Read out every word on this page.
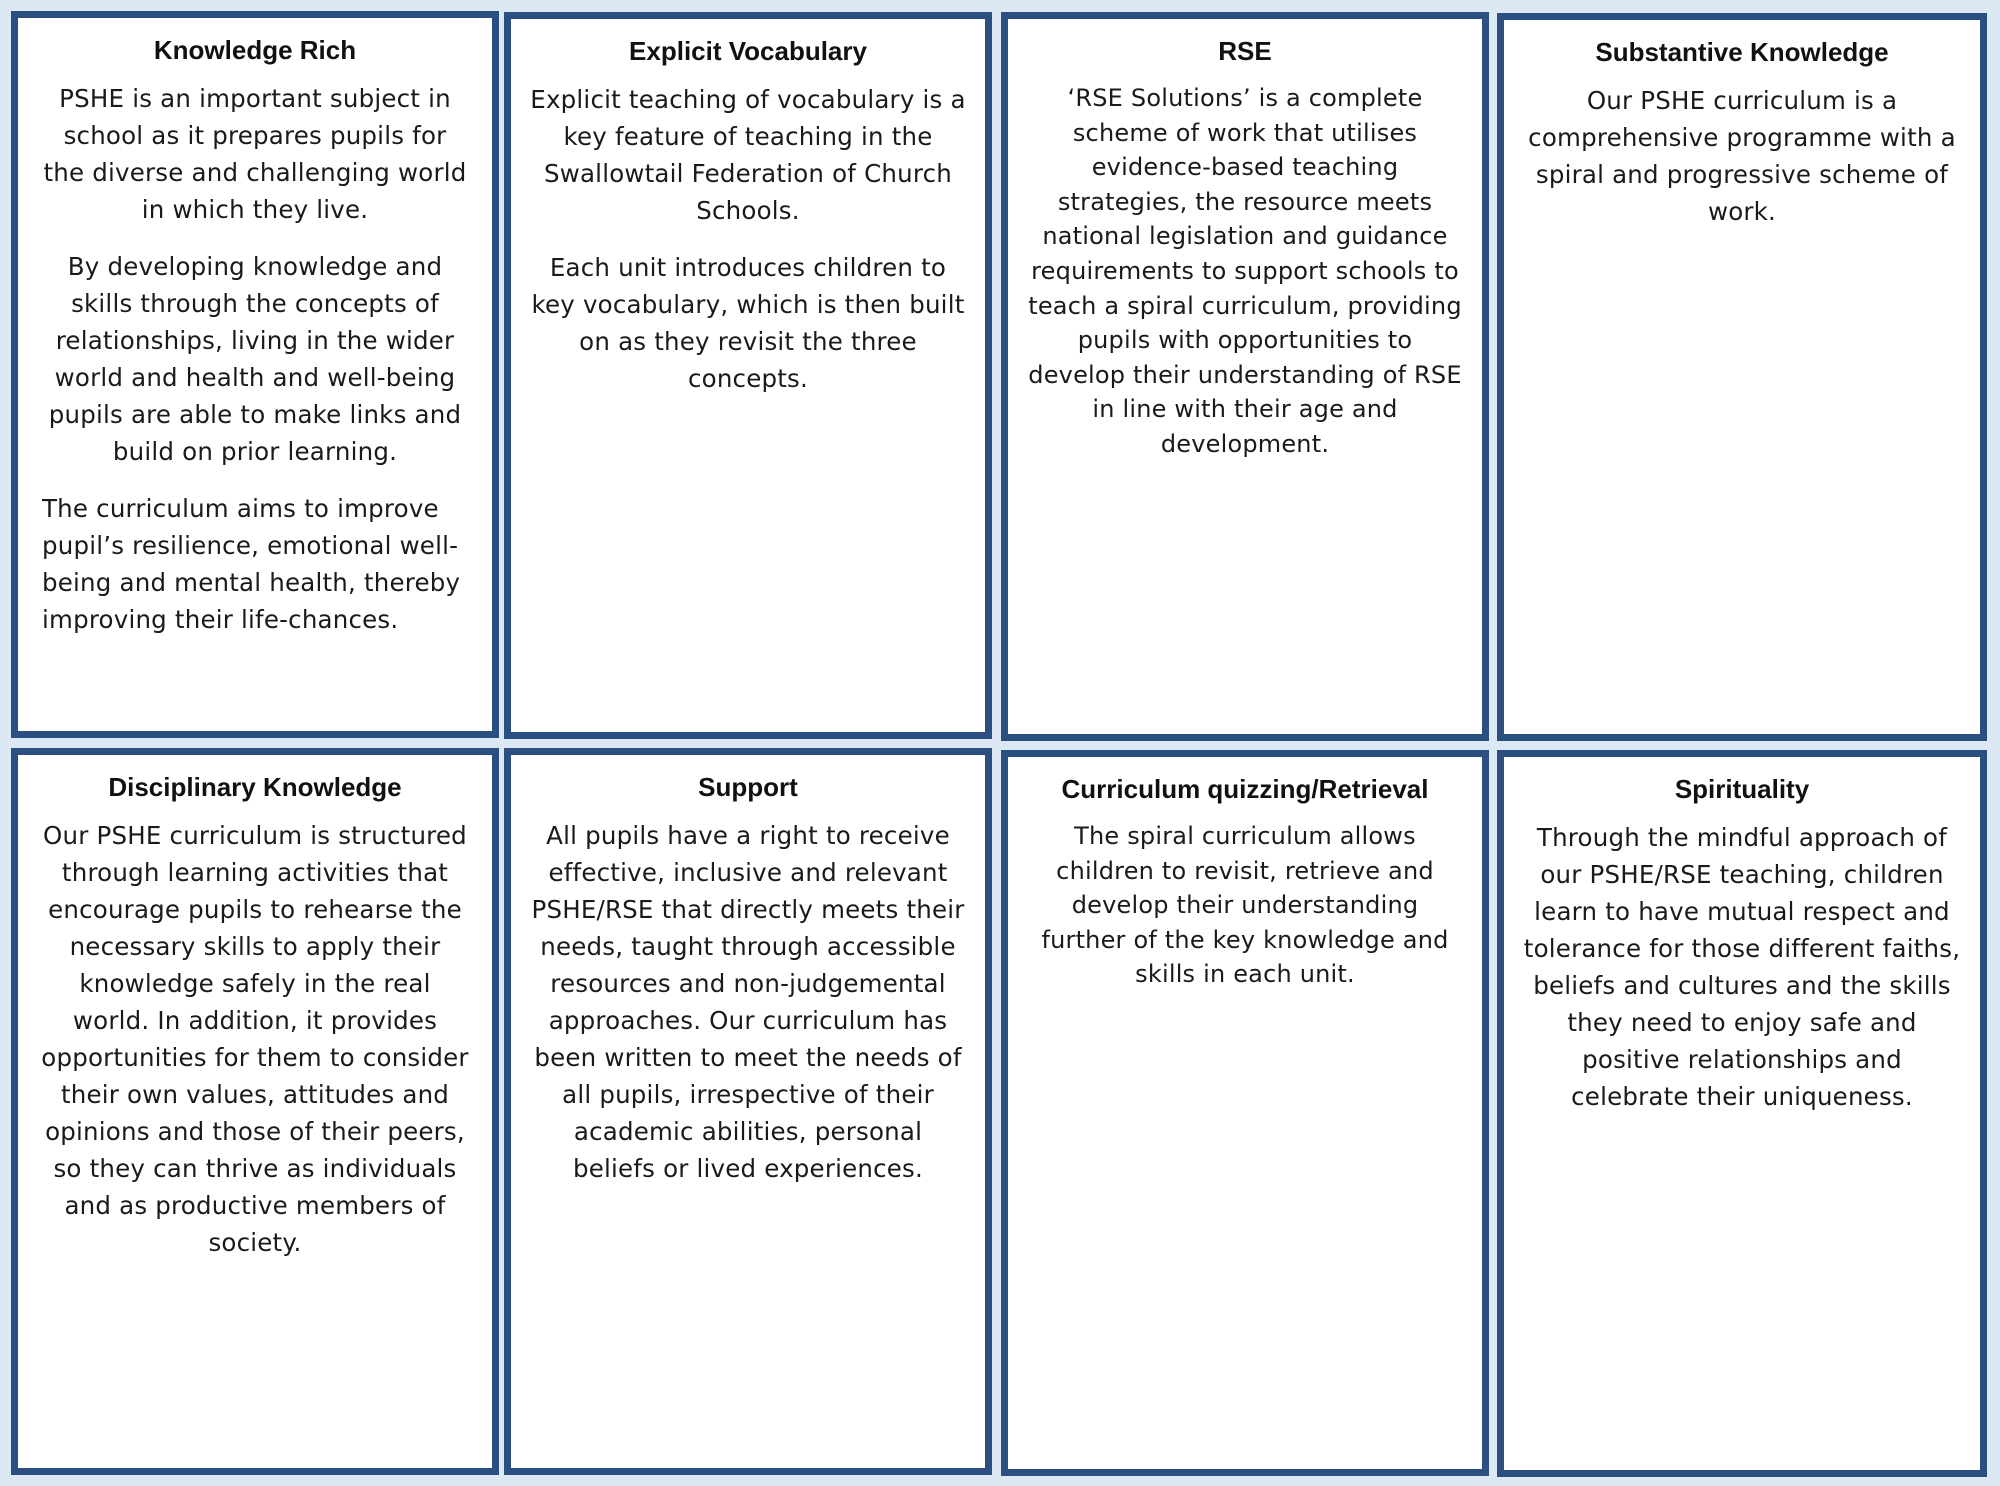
Knowledge Rich

PSHE is an important subject in school as it prepares pupils for the diverse and challenging world in which they live.

By developing knowledge and skills through the concepts of relationships, living in the wider world and health and well-being pupils are able to make links and build on prior learning.

The curriculum aims to improve pupil’s resilience, emotional well-being and mental health, thereby improving their life-chances.

Explicit Vocabulary

Explicit teaching of vocabulary is a key feature of teaching in the Swallowtail Federation of Church Schools.

Each unit introduces children to key vocabulary, which is then built on as they revisit the three concepts.

RSE

‘RSE Solutions’ is a complete scheme of work that utilises evidence-based teaching strategies, the resource meets national legislation and guidance requirements to support schools to teach a spiral curriculum, providing pupils with opportunities to develop their understanding of RSE in line with their age and development.

Substantive Knowledge

Our PSHE curriculum is a comprehensive programme with a spiral and progressive scheme of work.

Disciplinary Knowledge

Our PSHE curriculum is structured through learning activities that encourage pupils to rehearse the necessary skills to apply their knowledge safely in the real world. In addition, it provides opportunities for them to consider their own values, attitudes and opinions and those of their peers, so they can thrive as individuals and as productive members of society.

Support

All pupils have a right to receive effective, inclusive and relevant PSHE/RSE that directly meets their needs, taught through accessible resources and non-judgemental approaches. Our curriculum has been written to meet the needs of all pupils, irrespective of their academic abilities, personal beliefs or lived experiences.

Curriculum quizzing/Retrieval

The spiral curriculum allows children to revisit, retrieve and develop their understanding further of the key knowledge and skills in each unit.

Spirituality

Through the mindful approach of our PSHE/RSE teaching, children learn to have mutual respect and tolerance for those different faiths, beliefs and cultures and the skills they need to enjoy safe and positive relationships and celebrate their uniqueness.
